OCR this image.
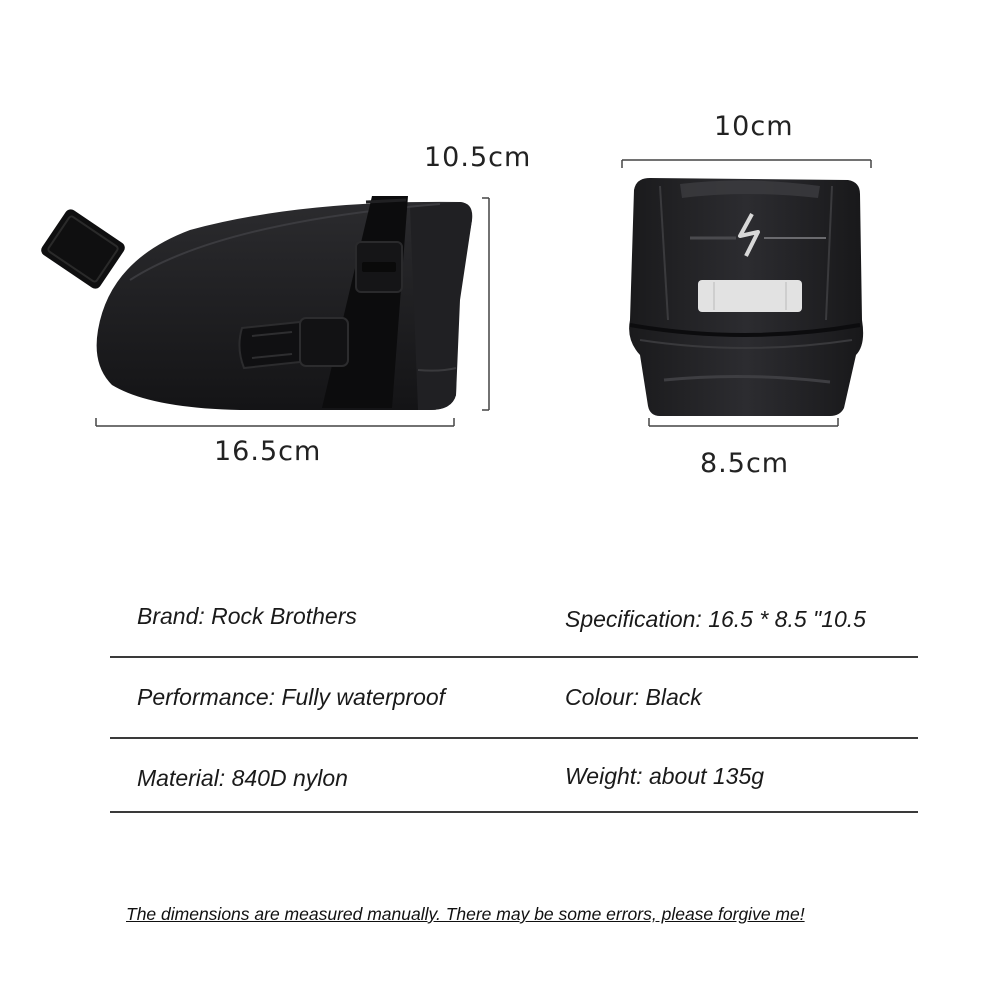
10.5cm
16.5cm
10cm
8.5cm
Brand: Rock Brothers	Specification: 16.5 * 8.5 "10.5
Performance: Fully waterproof	Colour: Black
Material: 840D nylon	Weight: about 135g
The dimensions are measured manually. There may be some errors, please forgive me!
